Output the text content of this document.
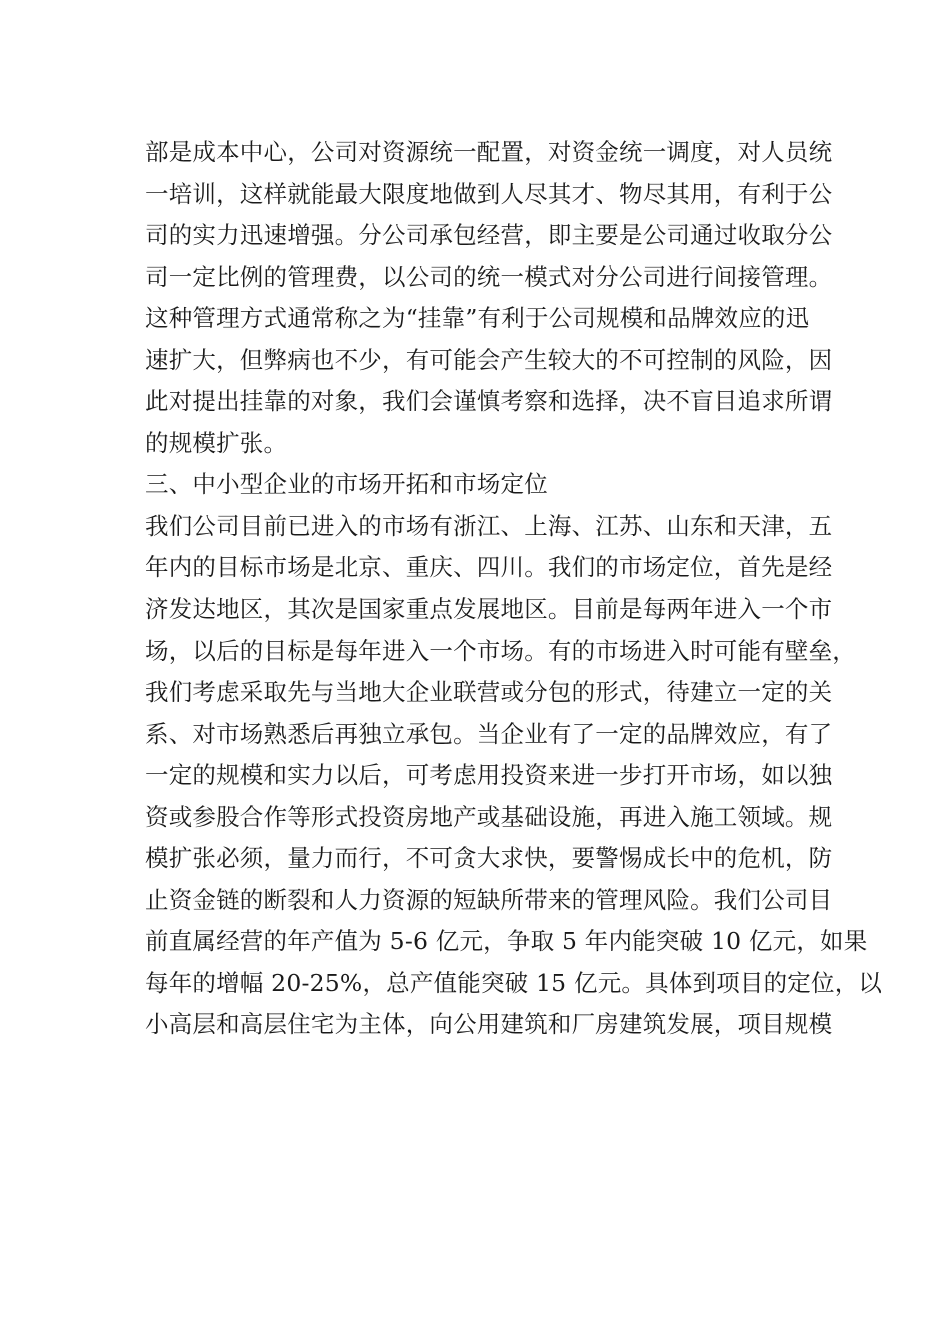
部是成本中心，公司对资源统一配置，对资金统一调度，对人员统
一培训，这样就能最大限度地做到人尽其才、物尽其用，有利于公
司的实力迅速增强。分公司承包经营，即主要是公司通过收取分公
司一定比例的管理费，以公司的统一模式对分公司进行间接管理。
这种管理方式通常称之为“挂靠”有利于公司规模和品牌效应的迅
速扩大，但弊病也不少，有可能会产生较大的不可控制的风险，因
此对提出挂靠的对象，我们会谨慎考察和选择，决不盲目追求所谓
的规模扩张。
三、中小型企业的市场开拓和市场定位
我们公司目前已进入的市场有浙江、上海、江苏、山东和天津，五
年内的目标市场是北京、重庆、四川。我们的市场定位，首先是经
济发达地区，其次是国家重点发展地区。目前是每两年进入一个市
场，以后的目标是每年进入一个市场。有的市场进入时可能有壁垒，
我们考虑采取先与当地大企业联营或分包的形式，待建立一定的关
系、对市场熟悉后再独立承包。当企业有了一定的品牌效应，有了
一定的规模和实力以后，可考虑用投资来进一步打开市场，如以独
资或参股合作等形式投资房地产或基础设施，再进入施工领域。规
模扩张必须，量力而行，不可贪大求快，要警惕成长中的危机，防
止资金链的断裂和人力资源的短缺所带来的管理风险。我们公司目
前直属经营的年产值为 5-6 亿元，争取 5 年内能突破 10 亿元，如果
每年的增幅 20-25%，总产值能突破 15 亿元。具体到项目的定位，以
小高层和高层住宅为主体，向公用建筑和厂房建筑发展，项目规模
